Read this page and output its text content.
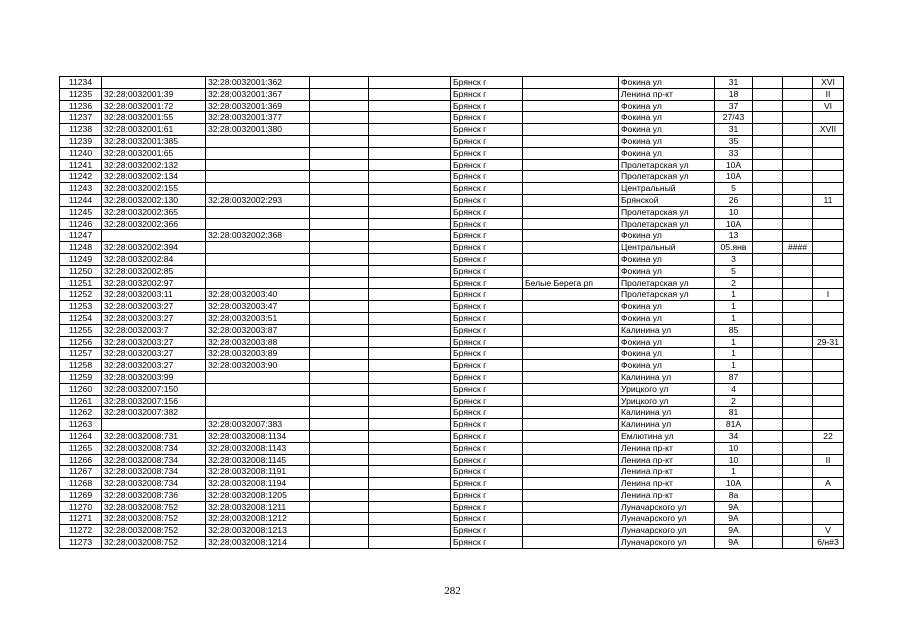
11234		32:28:0032001:362			Брянск г		Фокина ул	31			XVI
11235	32:28:0032001:39	32:28:0032001:367			Брянск г		Ленина пр-кт	18			II
11236	32:28:0032001:72	32:28:0032001:369			Брянск г		Фокина ул	37			VI
11237	32:28:0032001:55	32:28:0032001:377			Брянск г		Фокина ул	27/43			
11238	32:28:0032001:61	32:28:0032001:380			Брянск г		Фокина ул	31			XVII
11239	32:28:0032001:385				Брянск г		Фокина ул	35			
11240	32:28:0032001:65				Брянск г		Фокина ул	33			
11241	32:28:0032002:132				Брянск г		Пролетарская ул	10А			
11242	32:28:0032002:134				Брянск г		Пролетарская ул	10А			
11243	32:28:0032002:155				Брянск г		Центральный	5			
11244	32:28:0032002:130	32:28:0032002:293			Брянск г		Брянской	26			11
11245	32:28:0032002:365				Брянск г		Пролетарская ул	10			
11246	32:28:0032002:366				Брянск г		Пролетарская ул	10А			
11247		32:28:0032002:368			Брянск г		Фокина ул	13			
11248	32:28:0032002:394				Брянск г		Центральный	05.янв		####	
11249	32:28:0032002:84				Брянск г		Фокина ул	3			
11250	32:28:0032002:85				Брянск г		Фокина ул	5			
11251	32:28:0032002:97				Брянск г	Белые Берега рп	Пролетарская ул	2			
11252	32:28:0032003:11	32:28:0032003:40			Брянск г		Пролетарская ул	1			I
11253	32:28:0032003:27	32:28:0032003:47			Брянск г		Фокина ул	1			
11254	32:28:0032003:27	32:28:0032003:51			Брянск г		Фокина ул	1			
11255	32:28:0032003:7	32:28:0032003:87			Брянск г		Калинина ул	85			
11256	32:28:0032003:27	32:28:0032003:88			Брянск г		Фокина ул	1			29-31
11257	32:28:0032003:27	32:28:0032003:89			Брянск г		Фокина ул	1			
11258	32:28:0032003:27	32:28:0032003:90			Брянск г		Фокина ул	1			
11259	32:28:0032003:99				Брянск г		Калинина ул	87			
11260	32:28:0032007:150				Брянск г		Урицкого ул	4			
11261	32:28:0032007:156				Брянск г		Урицкого ул	2			
11262	32:28:0032007:382				Брянск г		Калинина ул	81			
11263		32:28:0032007:383			Брянск г		Калинина ул	81А			
11264	32:28:0032008:731	32:28:0032008:1134			Брянск г		Емлютина ул	34			22
11265	32:28:0032008:734	32:28:0032008:1143			Брянск г		Ленина пр-кт	10			
11266	32:28:0032008:734	32:28:0032008:1145			Брянск г		Ленина пр-кт	10			II
11267	32:28:0032008:734	32:28:0032008:1191			Брянск г		Ленина пр-кт	1			
11268	32:28:0032008:734	32:28:0032008:1194			Брянск г		Ленина пр-кт	10А			А
11269	32:28:0032008:736	32:28:0032008:1205			Брянск г		Ленина пр-кт	8а			
11270	32:28:0032008:752	32:28:0032008:1211			Брянск г		Луначарского ул	9А			
11271	32:28:0032008:752	32:28:0032008:1212			Брянск г		Луначарского ул	9А			
11272	32:28:0032008:752	32:28:0032008:1213			Брянск г		Луначарского ул	9А			V
11273	32:28:0032008:752	32:28:0032008:1214			Брянск г		Луначарского ул	9А			6/н#3
282
